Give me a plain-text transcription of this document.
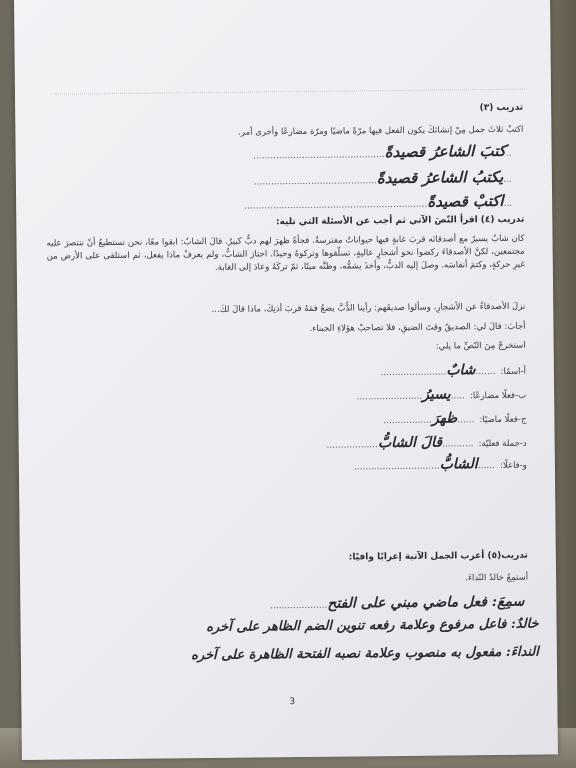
تدريب (٣)
اكتبْ ثلاثَ جمل مِنْ إنشائكَ يكون الفعل فيها مرّةً ماضيًا ومرّة مضارعًا وأخرى أمر.
..كتبَ الشاعرُ قصيدةً..............................................
...يكتبُ الشاعرُ قصيدةً...........................................
...اكتبْ قصيدةً................................................................
تدريب (٤) اقرأ النّصَ الآتي ثم أجب عن الأسئلة التي تليه:
كان شابٌ يسيرُ مع أصدقائه قربَ غابةٍ فيها حيواناتٌ مفترسةٌ. فجأةً ظهرَ لهم دبٌّ كبيرٌ. قالَ الشابُ: ابقوا معًا، نحن نستطيعُ أنْ ننتصرَ عليه مجتمعين، لكنَّ الأصدقاءَ ركضوا نحو أشجارٍ عاليةٍ، تسلّقوها وتركوهُ وحيدًا. احتارَ الشابُّ، ولم يعرفْ ماذا يفعل، ثم استلقى على الأرض من غيرِ حركةٍ، وكتمَ أنفاسَه. وصلَ إليه الدبُّ، وأخذَ يشمُّه، وظنَّه ميتًا، ثمّ تركَهُ وعادَ إلى الغابة.
نزلَ الأصدقاءُ عن الأشجارِ، وسألوا صديقَهم: رأينا الدُّبَّ يضعُ فمَهُ قربَ أذنِكَ، ماذا قالَ لكَ...
أجابَ: قالَ لي: الصديقُ وقتَ الضيقِ، فلا تصاحبْ هؤلاءِ الجبناء.
استخرجْ مِنَ النّصِّ ما يلي:
أ-اسمًا: .......شابٌ.......................
ب-فعلًا مضارعًا: .....يسيرُ.......................
ج-فعلًا ماضيًا: ......ظهرَ.................
د-جملة فعليّة: ...........قالَ الشابُّ..................
و-فاعلًا: ......الشابُّ..............................
تدريب(٥) أعرب الجمل الآتية إعرابًا وافيًا:
أستمِعُ خالدُ النّداءَ.
سمِعَ: فعل ماضي مبني على الفتح....................
خالدٌ: فاعل مرفوع وعلامة رفعه تنوين الضم الظاهر على آخره
النداءَ: مفعول به منصوب وعلامة نصبه الفتحة الظاهرة على آخره
3
